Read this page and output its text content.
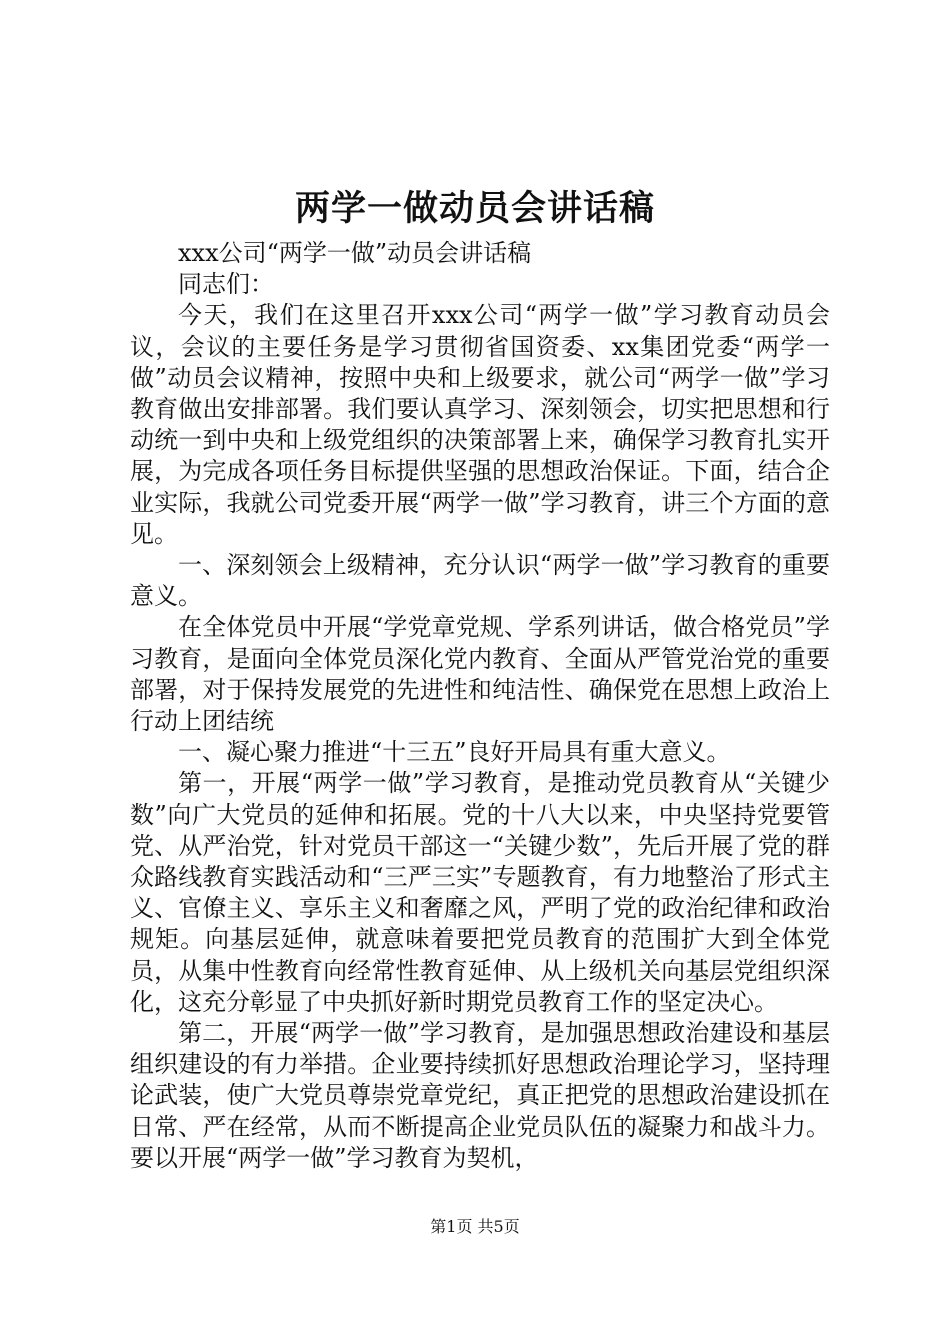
两学一做动员会讲话稿

xxx公司“两学一做”动员会讲话稿

同志们：

今天，我们在这里召开xxx公司“两学一做”学习教育动员会议，会议的主要任务是学习贯彻省国资委、xx集团党委“两学一做”动员会议精神，按照中央和上级要求，就公司“两学一做”学习教育做出安排部署。我们要认真学习、深刻领会，切实把思想和行动统一到中央和上级党组织的决策部署上来，确保学习教育扎实开展，为完成各项任务目标提供坚强的思想政治保证。下面，结合企业实际，我就公司党委开展“两学一做”学习教育，讲三个方面的意见。

一、深刻领会上级精神，充分认识“两学一做”学习教育的重要意义。

在全体党员中开展“学党章党规、学系列讲话，做合格党员”学习教育，是面向全体党员深化党内教育、全面从严管党治党的重要部署，对于保持发展党的先进性和纯洁性、确保党在思想上政治上行动上团结统

一、凝心聚力推进“十三五”良好开局具有重大意义。

第一，开展“两学一做”学习教育，是推动党员教育从“关键少数”向广大党员的延伸和拓展。党的十八大以来，中央坚持党要管党、从严治党，针对党员干部这一“关键少数”，先后开展了党的群众路线教育实践活动和“三严三实”专题教育，有力地整治了形式主义、官僚主义、享乐主义和奢靡之风，严明了党的政治纪律和政治规矩。向基层延伸，就意味着要把党员教育的范围扩大到全体党员，从集中性教育向经常性教育延伸、从上级机关向基层党组织深化，这充分彰显了中央抓好新时期党员教育工作的坚定决心。

第二，开展“两学一做”学习教育，是加强思想政治建设和基层组织建设的有力举措。企业要持续抓好思想政治理论学习，坚持理论武装，使广大党员尊崇党章党纪，真正把党的思想政治建设抓在日常、严在经常，从而不断提高企业党员队伍的凝聚力和战斗力。要以开展“两学一做”学习教育为契机，

第1页 共5页
